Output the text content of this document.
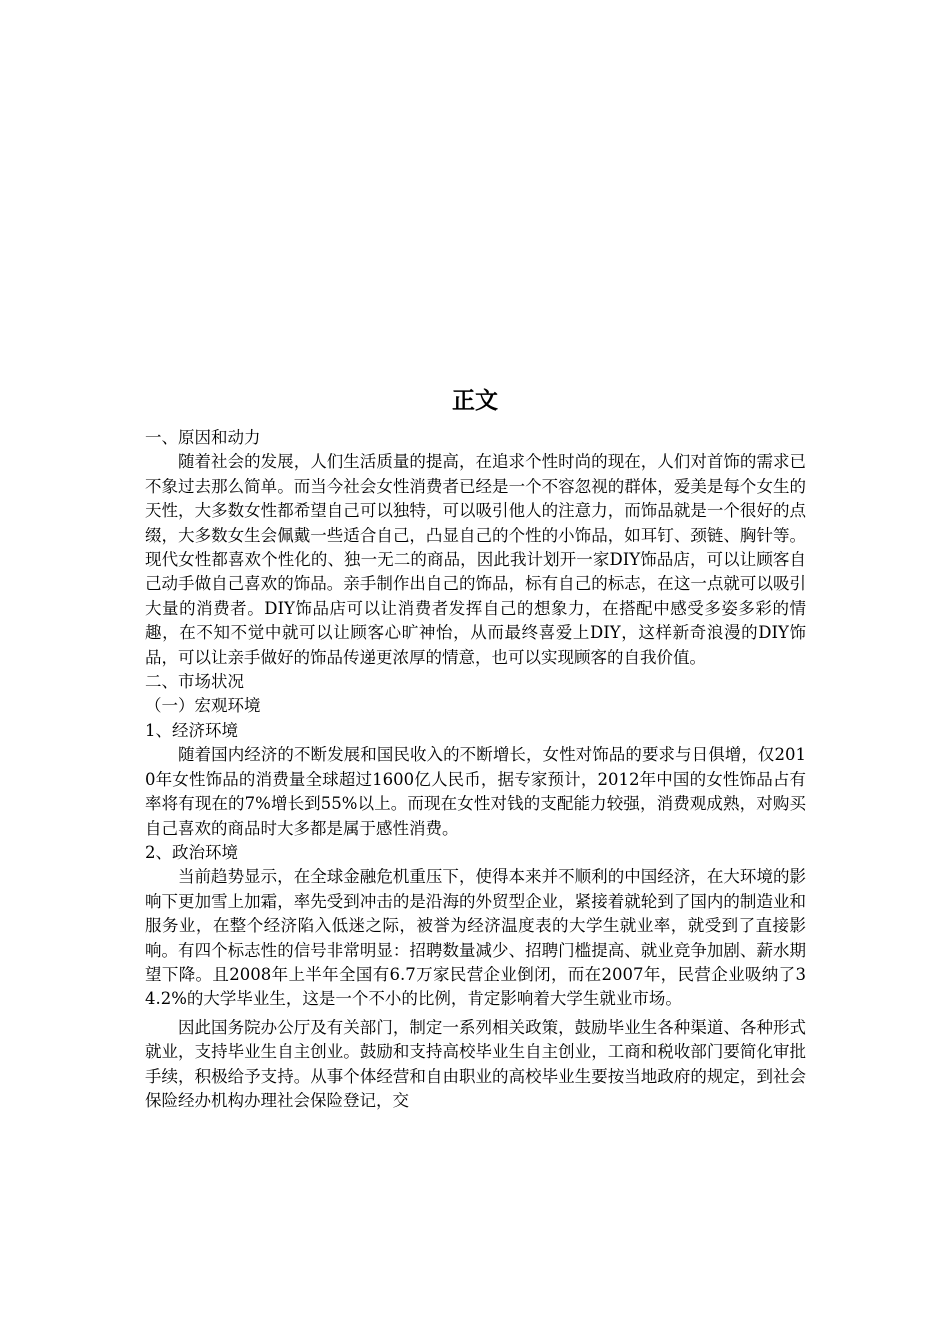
正文

一、原因和动力

随着社会的发展，人们生活质量的提高，在追求个性时尚的现在，人们对首饰的需求已不象过去那么简单。而当今社会女性消费者已经是一个不容忽视的群体，爱美是每个女生的天性，大多数女性都希望自己可以独特，可以吸引他人的注意力，而饰品就是一个很好的点缀，大多数女生会佩戴一些适合自己，凸显自己的个性的小饰品，如耳钉、颈链、胸针等。现代女性都喜欢个性化的、独一无二的商品，因此我计划开一家DIY饰品店，可以让顾客自己动手做自己喜欢的饰品。亲手制作出自己的饰品，标有自己的标志，在这一点就可以吸引大量的消费者。DIY饰品店可以让消费者发挥自己的想象力，在搭配中感受多姿多彩的情趣，在不知不觉中就可以让顾客心旷神怡，从而最终喜爱上DIY，这样新奇浪漫的DIY饰品，可以让亲手做好的饰品传递更浓厚的情意，也可以实现顾客的自我价值。

二、市场状况

（一）宏观环境

1、经济环境

随着国内经济的不断发展和国民收入的不断增长，女性对饰品的要求与日俱增，仅2010年女性饰品的消费量全球超过1600亿人民币，据专家预计，2012年中国的女性饰品占有率将有现在的7%增长到55%以上。而现在女性对钱的支配能力较强，消费观成熟，对购买自己喜欢的商品时大多都是属于感性消费。

2、政治环境

当前趋势显示，在全球金融危机重压下，使得本来并不顺利的中国经济，在大环境的影响下更加雪上加霜，率先受到冲击的是沿海的外贸型企业，紧接着就轮到了国内的制造业和服务业，在整个经济陷入低迷之际，被誉为经济温度表的大学生就业率，就受到了直接影响。有四个标志性的信号非常明显：招聘数量减少、招聘门槛提高、就业竞争加剧、薪水期望下降。且2008年上半年全国有6.7万家民营企业倒闭，而在2007年，民营企业吸纳了34.2%的大学毕业生，这是一个不小的比例，肯定影响着大学生就业市场。

因此国务院办公厅及有关部门，制定一系列相关政策，鼓励毕业生各种渠道、各种形式就业，支持毕业生自主创业。鼓励和支持高校毕业生自主创业，工商和税收部门要简化审批手续，积极给予支持。从事个体经营和自由职业的高校毕业生要按当地政府的规定，到社会保险经办机构办理社会保险登记，交
